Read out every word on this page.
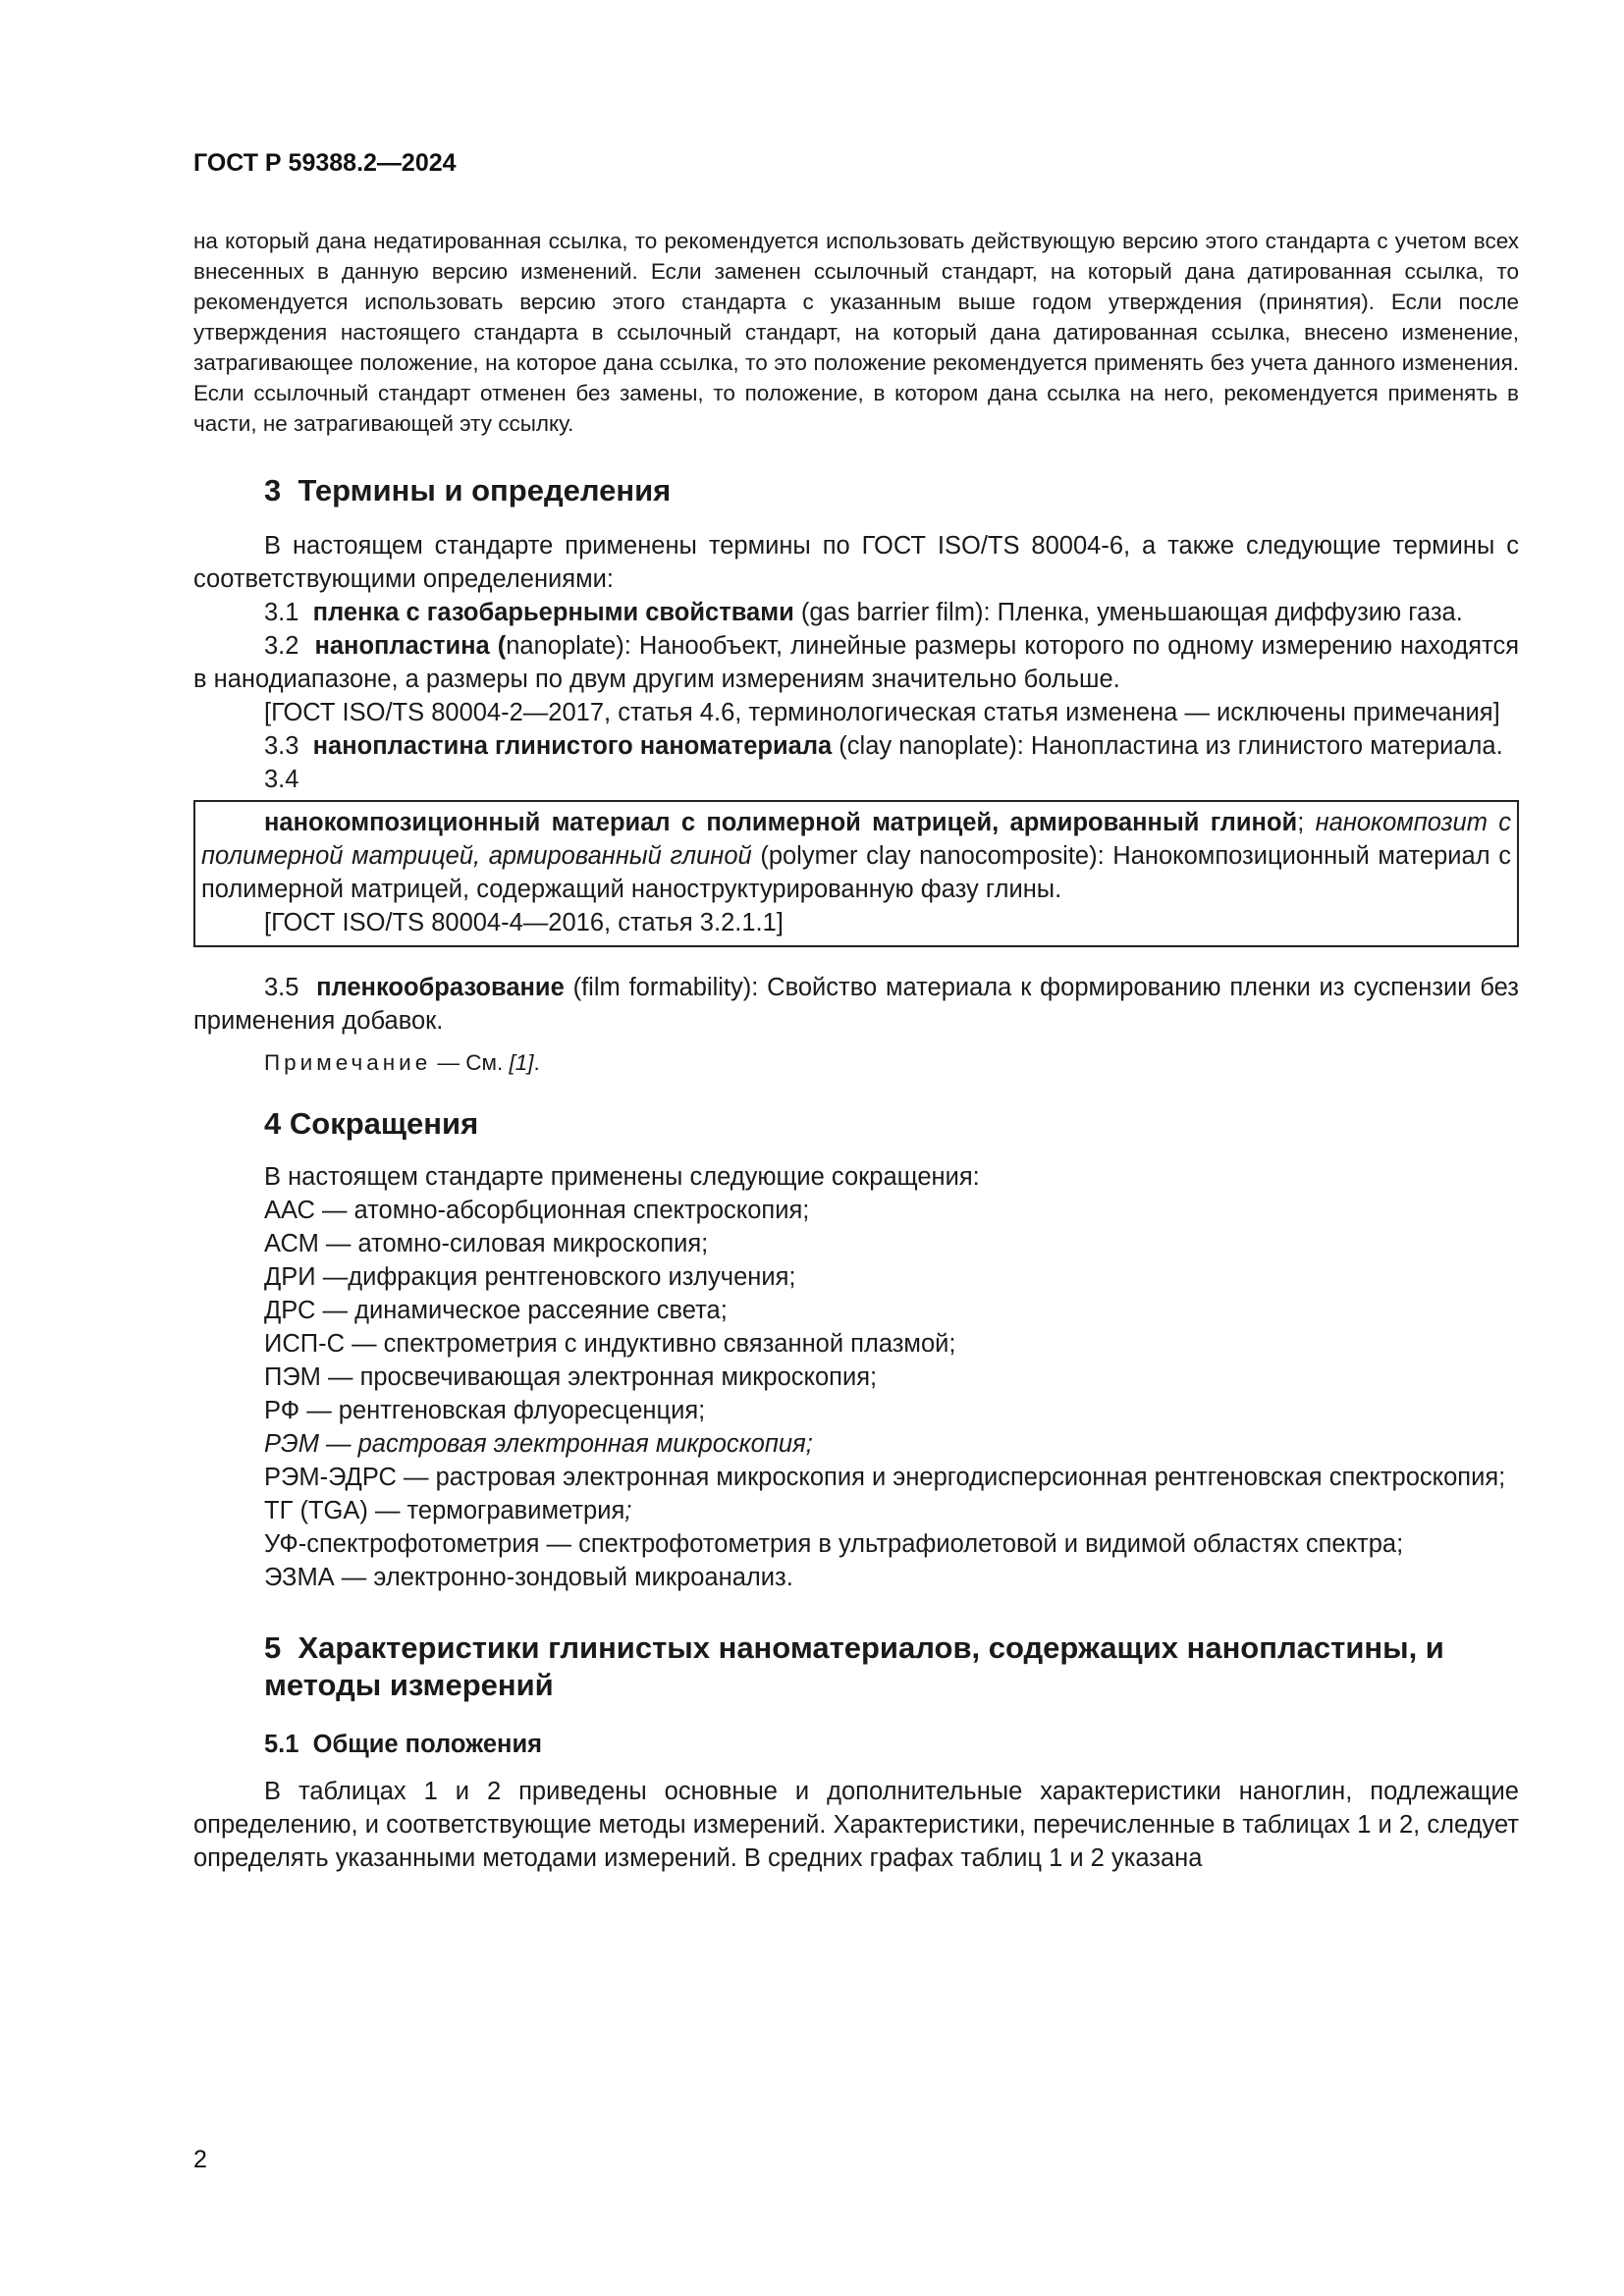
ГОСТ Р 59388.2—2024

на который дана недатированная ссылка, то рекомендуется использовать действующую версию этого стандарта с учетом всех внесенных в данную версию изменений. Если заменен ссылочный стандарт, на который дана датированная ссылка, то рекомендуется использовать версию этого стандарта с указанным выше годом утверждения (принятия). Если после утверждения настоящего стандарта в ссылочный стандарт, на который дана датированная ссылка, внесено изменение, затрагивающее положение, на которое дана ссылка, то это положение рекомендуется применять без учета данного изменения. Если ссылочный стандарт отменен без замены, то положение, в котором дана ссылка на него, рекомендуется применять в части, не затрагивающей эту ссылку.

3 Термины и определения

В настоящем стандарте применены термины по ГОСТ ISO/TS 80004-6, а также следующие термины с соответствующими определениями:

3.1 пленка с газобарьерными свойствами (gas barrier film): Пленка, уменьшающая диффузию газа.

3.2 нанопластина (nanoplate): Нанообъект, линейные размеры которого по одному измерению находятся в нанодиапазоне, а размеры по двум другим измерениям значительно больше.

[ГОСТ ISO/TS 80004-2—2017, статья 4.6, терминологическая статья изменена — исключены примечания]

3.3 нанопластина глинистого наноматериала (clay nanoplate): Нанопластина из глинистого материала.

3.4

нанокомпозиционный материал с полимерной матрицей, армированный глиной; нанокомпозит с полимерной матрицей, армированный глиной (polymer clay nanocomposite): Нанокомпозиционный материал с полимерной матрицей, содержащий наноструктурированную фазу глины.

[ГОСТ ISO/TS 80004-4—2016, статья 3.2.1.1]

3.5 пленкообразование (film formability): Свойство материала к формированию пленки из суспензии без применения добавок.

Примечание — См. [1].

4 Сокращения

В настоящем стандарте применены следующие сокращения:

ААС — атомно-абсорбционная спектроскопия;

АСМ — атомно-силовая микроскопия;

ДРИ —дифракция рентгеновского излучения;

ДРС — динамическое рассеяние света;

ИСП-С — спектрометрия с индуктивно связанной плазмой;

ПЭМ — просвечивающая электронная микроскопия;

РФ — рентгеновская флуоресценция;

РЭМ — растровая электронная микроскопия;

РЭМ-ЭДРС — растровая электронная микроскопия и энергодисперсионная рентгеновская спектроскопия;

ТГ (TGA) — термогравиметрия;

УФ-спектрофотометрия — спектрофотометрия в ультрафиолетовой и видимой областях спектра;

ЭЗМА — электронно-зондовый микроанализ.

5 Характеристики глинистых наноматериалов, содержащих нанопластины, и методы измерений
5.1 Общие положения

В таблицах 1 и 2 приведены основные и дополнительные характеристики наноглин, подлежащие определению, и соответствующие методы измерений. Характеристики, перечисленные в таблицах 1 и 2, следует определять указанными методами измерений. В средних графах таблиц 1 и 2 указана

2
